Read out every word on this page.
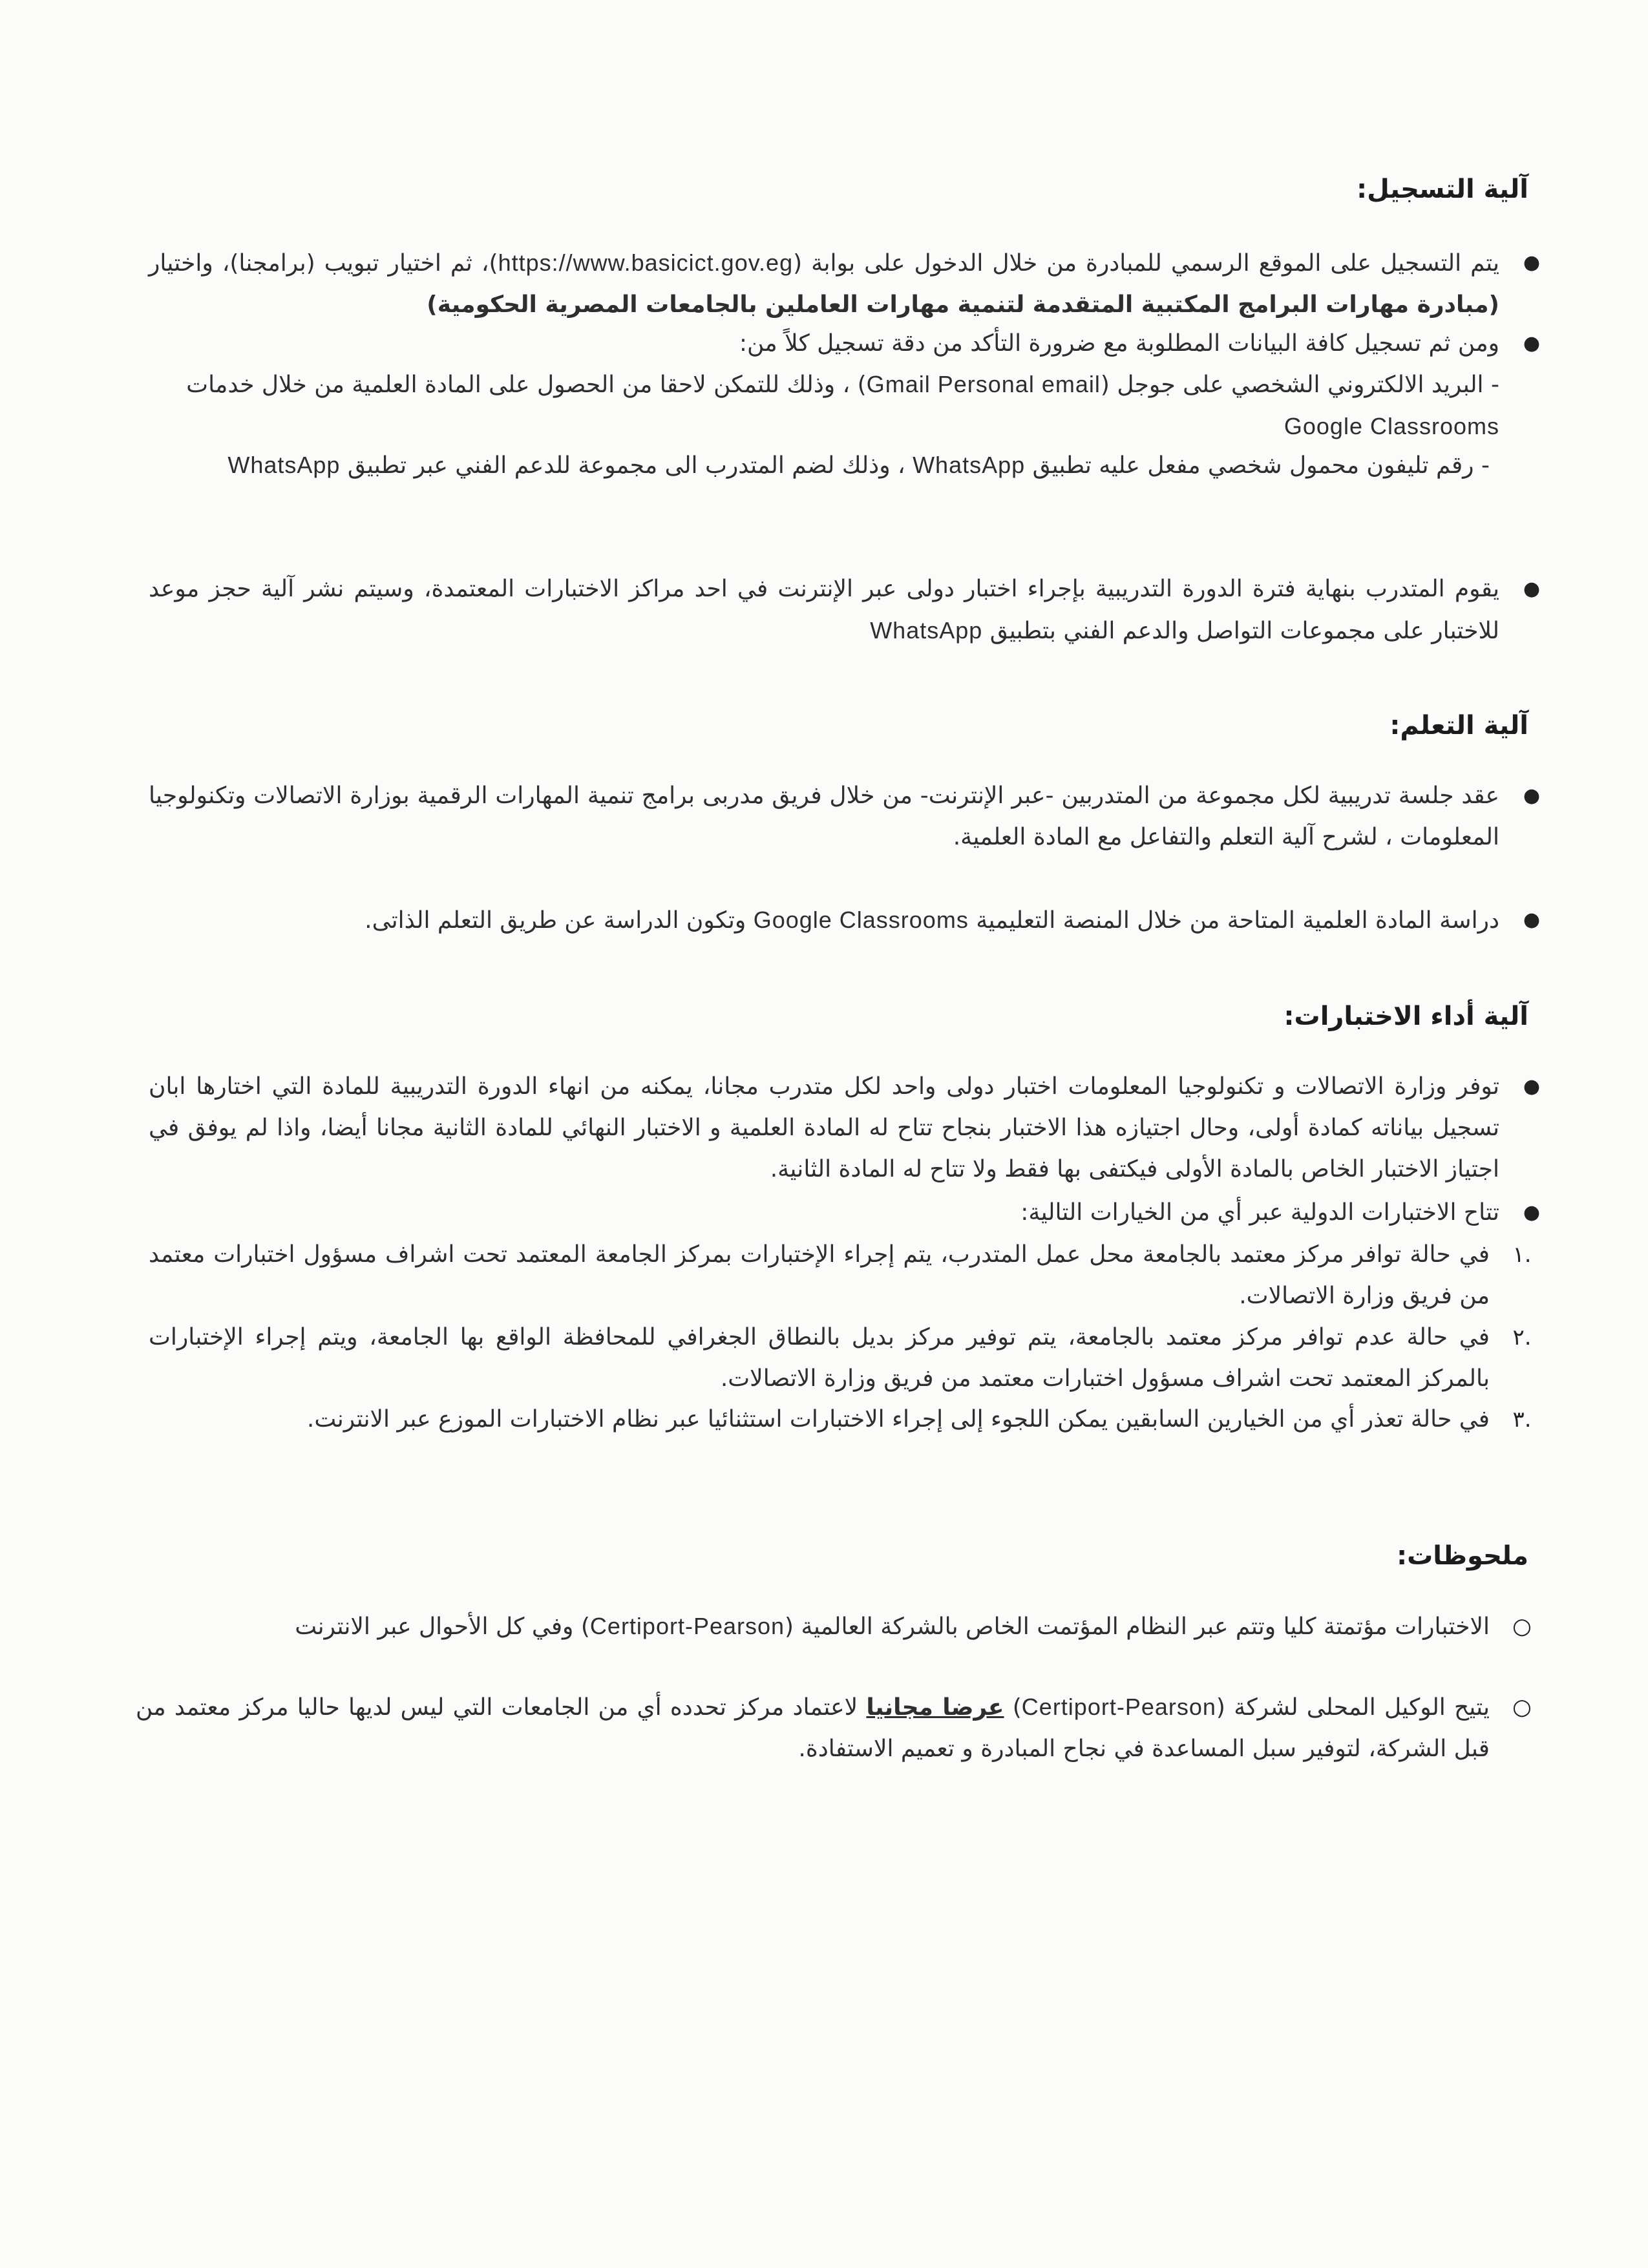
آلية التسجيل:
●
يتم التسجيل على الموقع الرسمي للمبادرة من خلال الدخول على بوابة (https://www.basicict.gov.eg)، ثم اختيار تبويب (برامجنا)، واختيار (مبادرة مهارات البرامج المكتبية المتقدمة لتنمية مهارات العاملين بالجامعات المصرية الحكومية)
●
ومن ثم تسجيل كافة البيانات المطلوبة مع ضرورة التأكد من دقة تسجيل كلاً من:
- البريد الالكتروني الشخصي على جوجل (Gmail Personal email) ، وذلك للتمكن لاحقا من الحصول على المادة العلمية من خلال خدمات Google Classrooms
- رقم تليفون محمول شخصي مفعل عليه تطبيق WhatsApp ، وذلك لضم المتدرب الى مجموعة للدعم الفني عبر تطبيق WhatsApp
●
يقوم المتدرب بنهاية فترة الدورة التدريبية بإجراء اختبار دولى عبر الإنترنت في احد مراكز الاختبارات المعتمدة، وسيتم نشر آلية حجز موعد للاختبار على مجموعات التواصل والدعم الفني بتطبيق WhatsApp
آلية التعلم:
●
عقد جلسة تدريبية لكل مجموعة من المتدربين -عبر الإنترنت- من خلال فريق مدربى برامج تنمية المهارات الرقمية بوزارة الاتصالات وتكنولوجيا المعلومات ، لشرح آلية التعلم والتفاعل مع المادة العلمية.
●
دراسة المادة العلمية المتاحة من خلال المنصة التعليمية Google Classrooms وتكون الدراسة عن طريق التعلم الذاتى.
آلية أداء الاختبارات:
●
توفر وزارة الاتصالات و تكنولوجيا المعلومات اختبار دولى واحد لكل متدرب مجانا، يمكنه من انهاء الدورة التدريبية للمادة التي اختارها ابان تسجيل بياناته كمادة أولى، وحال اجتيازه هذا الاختبار بنجاح تتاح له المادة العلمية و الاختبار النهائي للمادة الثانية مجانا أيضا، واذا لم يوفق في اجتياز الاختبار الخاص بالمادة الأولى فيكتفى بها فقط ولا تتاح له المادة الثانية.
●
تتاح الاختبارات الدولية عبر أي من الخيارات التالية:
.١
في حالة توافر مركز معتمد بالجامعة محل عمل المتدرب، يتم إجراء الإختبارات بمركز الجامعة المعتمد تحت اشراف مسؤول اختبارات معتمد من فريق وزارة الاتصالات.
.٢
في حالة عدم توافر مركز معتمد بالجامعة، يتم توفير مركز بديل بالنطاق الجغرافي للمحافظة الواقع بها الجامعة، ويتم إجراء الإختبارات بالمركز المعتمد تحت اشراف مسؤول اختبارات معتمد من فريق وزارة الاتصالات.
.٣
في حالة تعذر أي من الخيارين السابقين يمكن اللجوء إلى إجراء الاختبارات استثنائيا عبر نظام الاختبارات الموزع عبر الانترنت.
ملحوظات:
○
الاختبارات مؤتمتة كليا وتتم عبر النظام المؤتمت الخاص بالشركة العالمية (Certiport-Pearson) وفي كل الأحوال عبر الانترنت
○
يتيح الوكيل المحلى لشركة (Certiport-Pearson) عرضا مجانيا لاعتماد مركز تحدده أي من الجامعات التي ليس لديها حاليا مركز معتمد من قبل الشركة، لتوفير سبل المساعدة في نجاح المبادرة و تعميم الاستفادة.
